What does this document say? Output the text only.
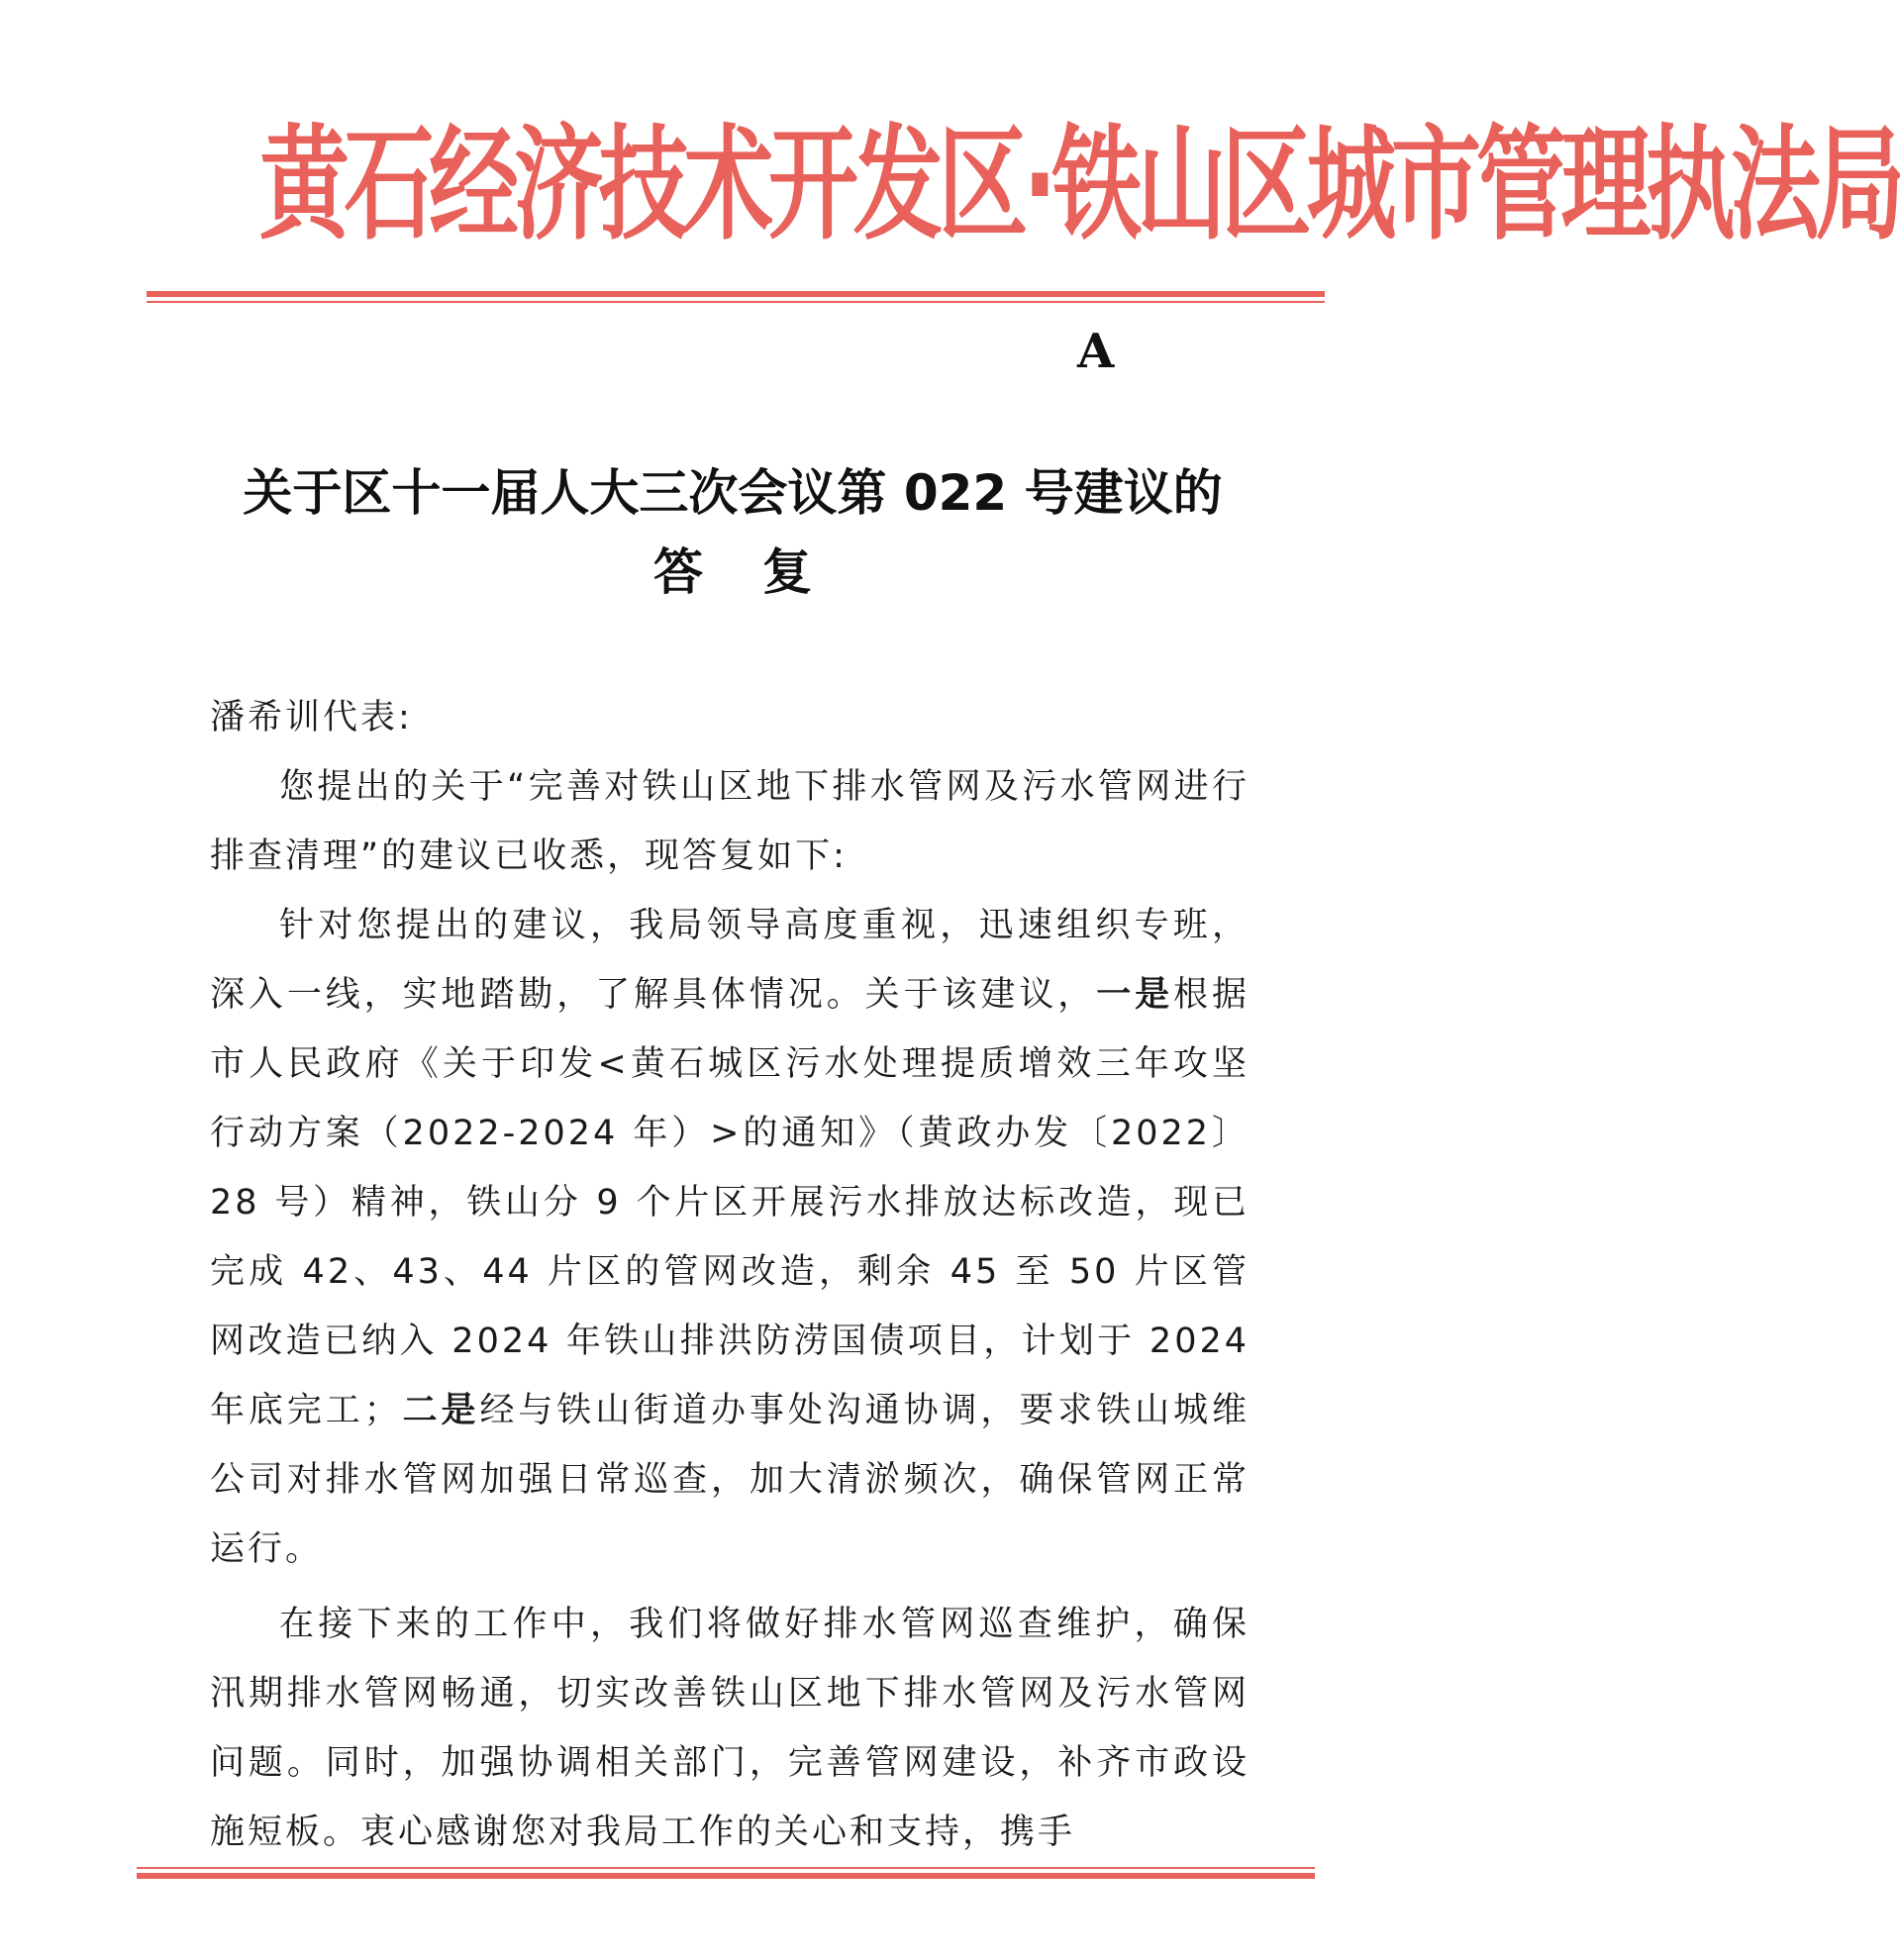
黄石经济技术开发区·铁山区城市管理执法局
A
关于区十一届人大三次会议第 022 号建议的
答复

潘希训代表:

您提出的关于“完善对铁山区地下排水管网及污水管网进行排查清理”的建议已收悉，现答复如下:

针对您提出的建议，我局领导高度重视，迅速组织专班，深入一线，实地踏勘，了解具体情况。关于该建议，一是根据市人民政府《关于印发<黄石城区污水处理提质增效三年攻坚行动方案（2022-2024 年）>的通知》（黄政办发〔2022〕28 号）精神，铁山分 9 个片区开展污水排放达标改造，现已完成 42、43、44 片区的管网改造，剩余 45 至 50 片区管网改造已纳入 2024 年铁山排洪防涝国债项目，计划于 2024 年底完工；二是经与铁山街道办事处沟通协调，要求铁山城维公司对排水管网加强日常巡查，加大清淤频次，确保管网正常运行。

在接下来的工作中，我们将做好排水管网巡查维护，确保汛期排水管网畅通，切实改善铁山区地下排水管网及污水管网问题。同时，加强协调相关部门，完善管网建设，补齐市政设施短板。衷心感谢您对我局工作的关心和支持，携手
